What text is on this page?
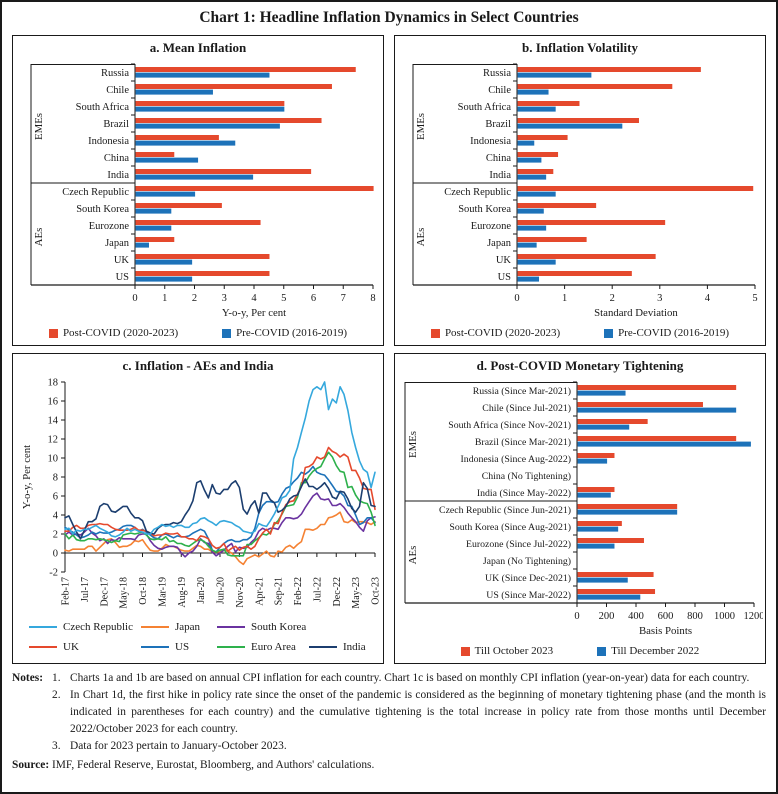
Chart 1: Headline Inflation Dynamics in Select Countries
a. Mean Inflation
0 1 2 3 4 5 6 7 8
Y-o-y, Per cent
EMEs
AEs
Russia
Chile
South Africa
Brazil
Indonesia
China
India
Czech Republic
South Korea
Eurozone
Japan
UK
US
Post-COVID (2020-2023)	Pre-COVID (2016-2019)
b. Inflation Volatility
0	1	2	3	4	5
Standard Deviation
EMEs
AEs
Russia
Chile
South Africa
Brazil
Indonesia
China
India
Czech Republic
South Korea
Eurozone
Japan
UK
US
Post-COVID (2020-2023)	Pre-COVID (2016-2019)
c. Inflation - AEs and India
-2
0
2
4
6
8
10
12
14
16
18
Feb-17 Jul-17 Dec-17 May-18 Oct-18 Mar-19 Aug-19 Jan-20 Jun-20 Nov-20 Apr-21 Sep-21 Feb-22 Jul-22 Dec-22 May-23 Oct-23
Y-o-y, Per cent
Czech Republic	Japan	South Korea
UK	US	Euro Area	India
d. Post-COVID Monetary Tightening
0 200 400 600 800 1000 1200
Basis Points
EMEs
AEs
Russia (Since Mar-2021)
Chile (Since Jul-2021)
South Africa (Since Nov-2021)
Brazil (Since Mar-2021)
Indonesia (Since Aug-2022)
China (No Tightening)
India (Since May-2022)
Czech Republic (Since Jun-2021)
South Korea (Since Aug-2021)
Eurozone (Since Jul-2022)
Japan (No Tightening)
UK (Since Dec-2021)
US (Since Mar-2022)
Till October 2023	Till December 2022
Notes: 1. Charts 1a and 1b are based on annual CPI inflation for each country. Chart 1c is based on monthly CPI inflation (year-on-year) data for each country.
2. In Chart 1d, the first hike in policy rate since the onset of the pandemic is considered as the beginning of monetary tightening phase (and the month is indicated in parentheses for each country) and the cumulative tightening is the total increase in policy rate from those months until December 2022/October 2023 for each country.
3. Data for 2023 pertain to January-October 2023.
Source: IMF, Federal Reserve, Eurostat, Bloomberg, and Authors' calculations.
